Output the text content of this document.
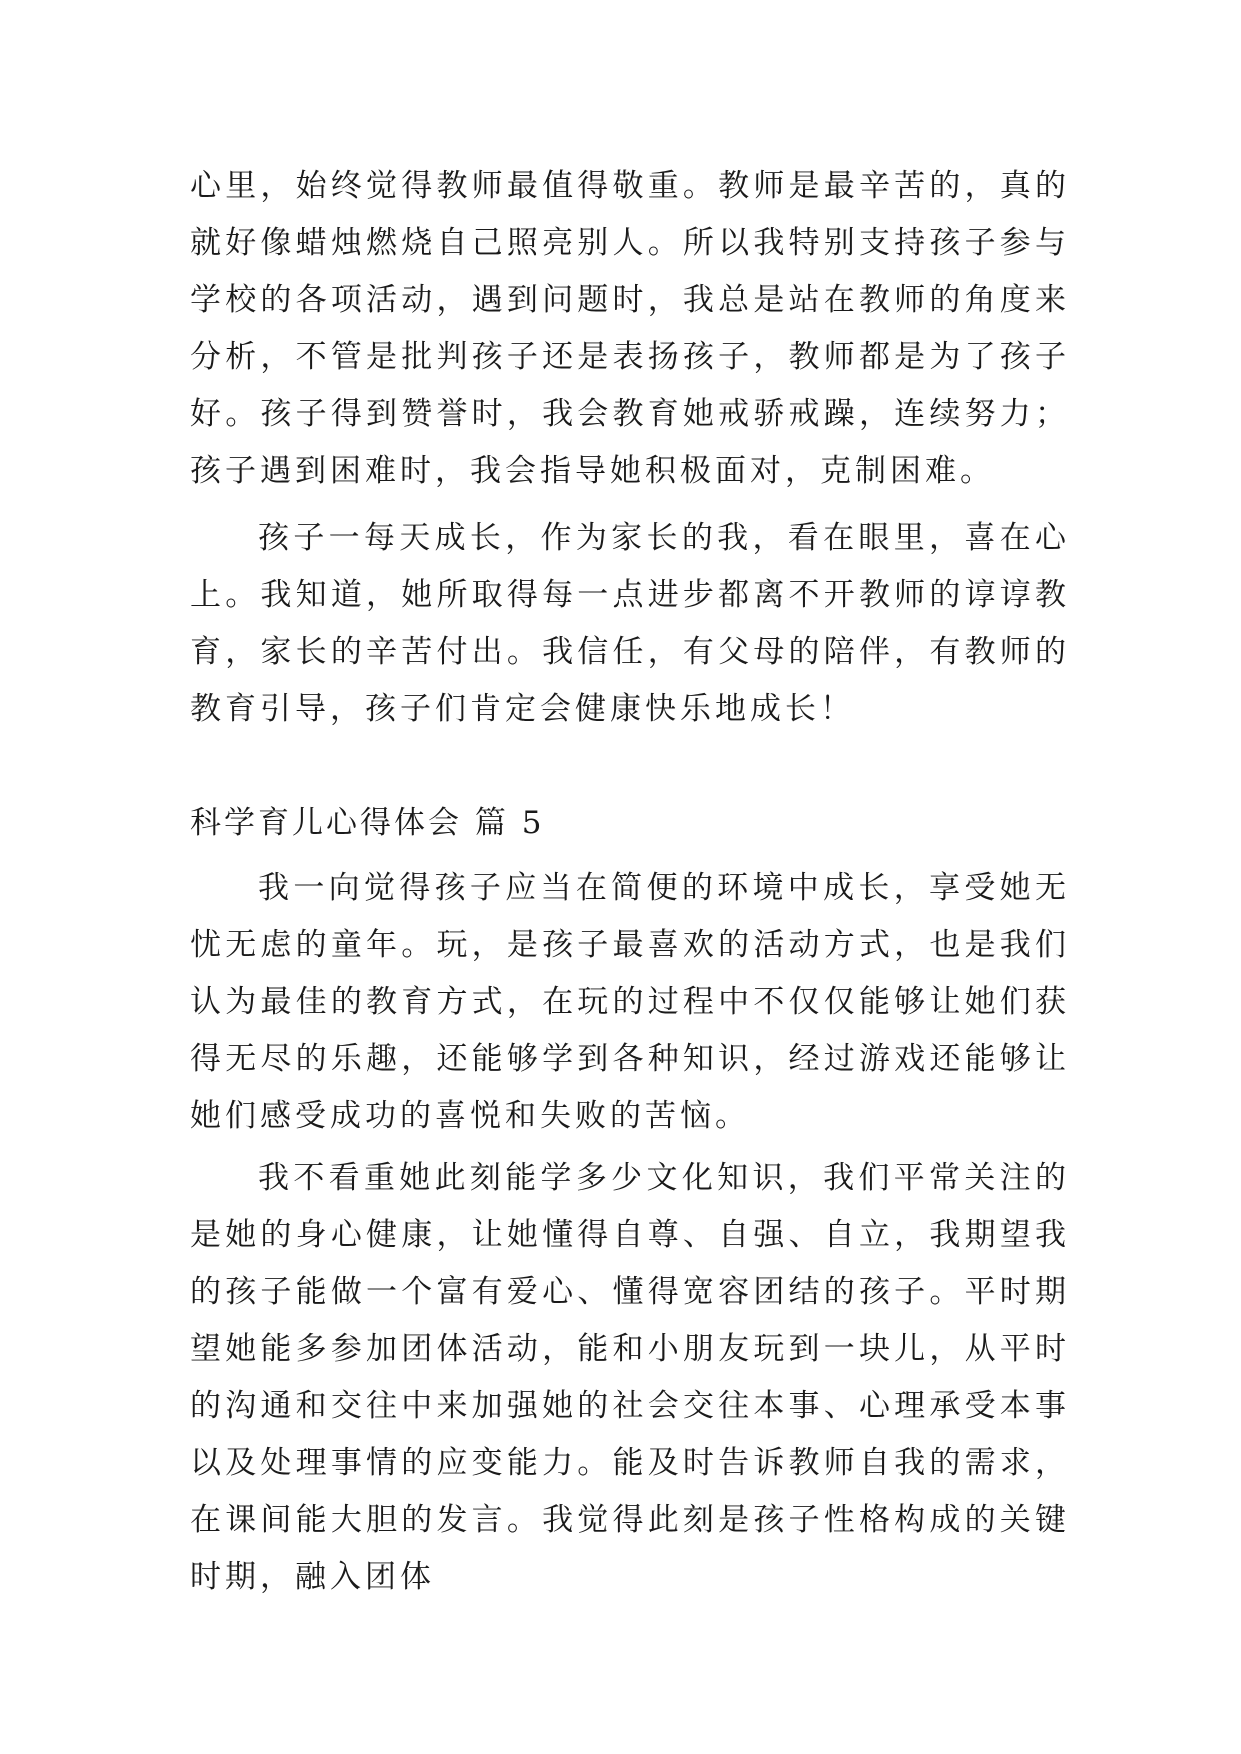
心里，始终觉得教师最值得敬重。教师是最辛苦的，真的就好像蜡烛燃烧自己照亮别人。所以我特别支持孩子参与学校的各项活动，遇到问题时，我总是站在教师的角度来分析，不管是批判孩子还是表扬孩子，教师都是为了孩子好。孩子得到赞誉时，我会教育她戒骄戒躁，连续努力；孩子遇到困难时，我会指导她积极面对，克制困难。

孩子一每天成长，作为家长的我，看在眼里，喜在心上。我知道，她所取得每一点进步都离不开教师的谆谆教育，家长的辛苦付出。我信任，有父母的陪伴，有教师的教育引导，孩子们肯定会健康快乐地成长！

科学育儿心得体会 篇 5

我一向觉得孩子应当在简便的环境中成长，享受她无忧无虑的童年。玩，是孩子最喜欢的活动方式，也是我们认为最佳的教育方式，在玩的过程中不仅仅能够让她们获得无尽的乐趣，还能够学到各种知识，经过游戏还能够让她们感受成功的喜悦和失败的苦恼。

我不看重她此刻能学多少文化知识，我们平常关注的是她的身心健康，让她懂得自尊、自强、自立，我期望我的孩子能做一个富有爱心、懂得宽容团结的孩子。平时期望她能多参加团体活动，能和小朋友玩到一块儿，从平时的沟通和交往中来加强她的社会交往本事、心理承受本事以及处理事情的应变能力。能及时告诉教师自我的需求，在课间能大胆的发言。我觉得此刻是孩子性格构成的关键时期，融入团体
